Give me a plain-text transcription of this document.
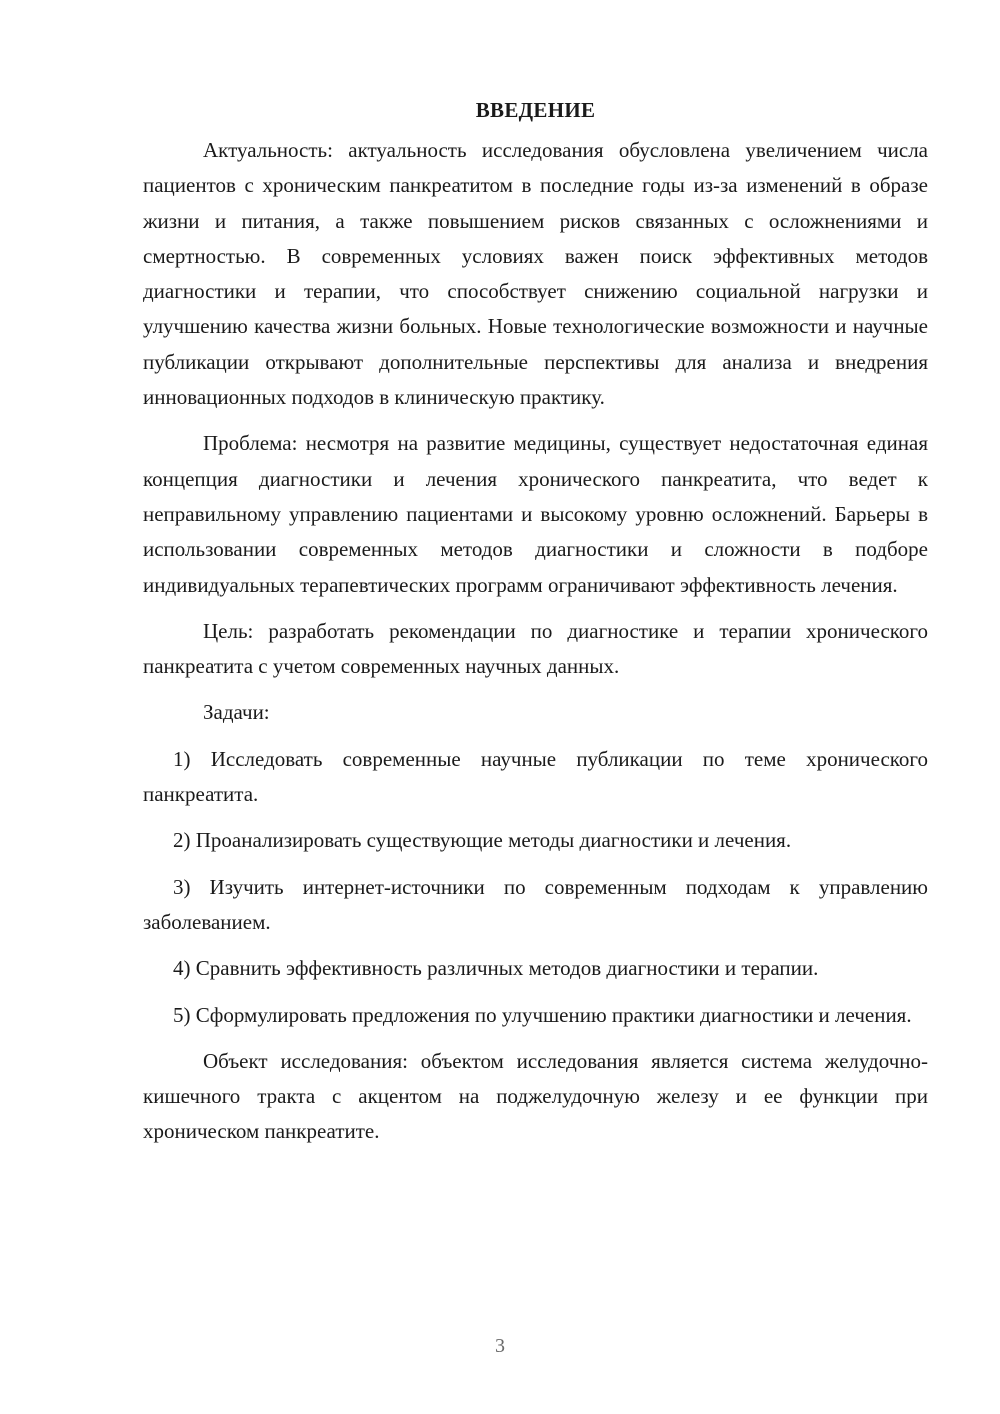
ВВЕДЕНИЕ

Актуальность: актуальность исследования обусловлена увеличением числа пациентов с хроническим панкреатитом в последние годы из-за изменений в образе жизни и питания, а также повышением рисков связанных с осложнениями и смертностью. В современных условиях важен поиск эффективных методов диагностики и терапии, что способствует снижению социальной нагрузки и улучшению качества жизни больных. Новые технологические возможности и научные публикации открывают дополнительные перспективы для анализа и внедрения инновационных подходов в клиническую практику.

Проблема: несмотря на развитие медицины, существует недостаточная единая концепция диагностики и лечения хронического панкреатита, что ведет к неправильному управлению пациентами и высокому уровню осложнений. Барьеры в использовании современных методов диагностики и сложности в подборе индивидуальных терапевтических программ ограничивают эффективность лечения.

Цель: разработать рекомендации по диагностике и терапии хронического панкреатита с учетом современных научных данных.

Задачи:

1) Исследовать современные научные публикации по теме хронического панкреатита.

2) Проанализировать существующие методы диагностики и лечения.

3) Изучить интернет-источники по современным подходам к управлению заболеванием.

4) Сравнить эффективность различных методов диагностики и терапии.

5) Сформулировать предложения по улучшению практики диагностики и лечения.

Объект исследования: объектом исследования является система желудочно-кишечного тракта с акцентом на поджелудочную железу и ее функции при хроническом панкреатите.

3
